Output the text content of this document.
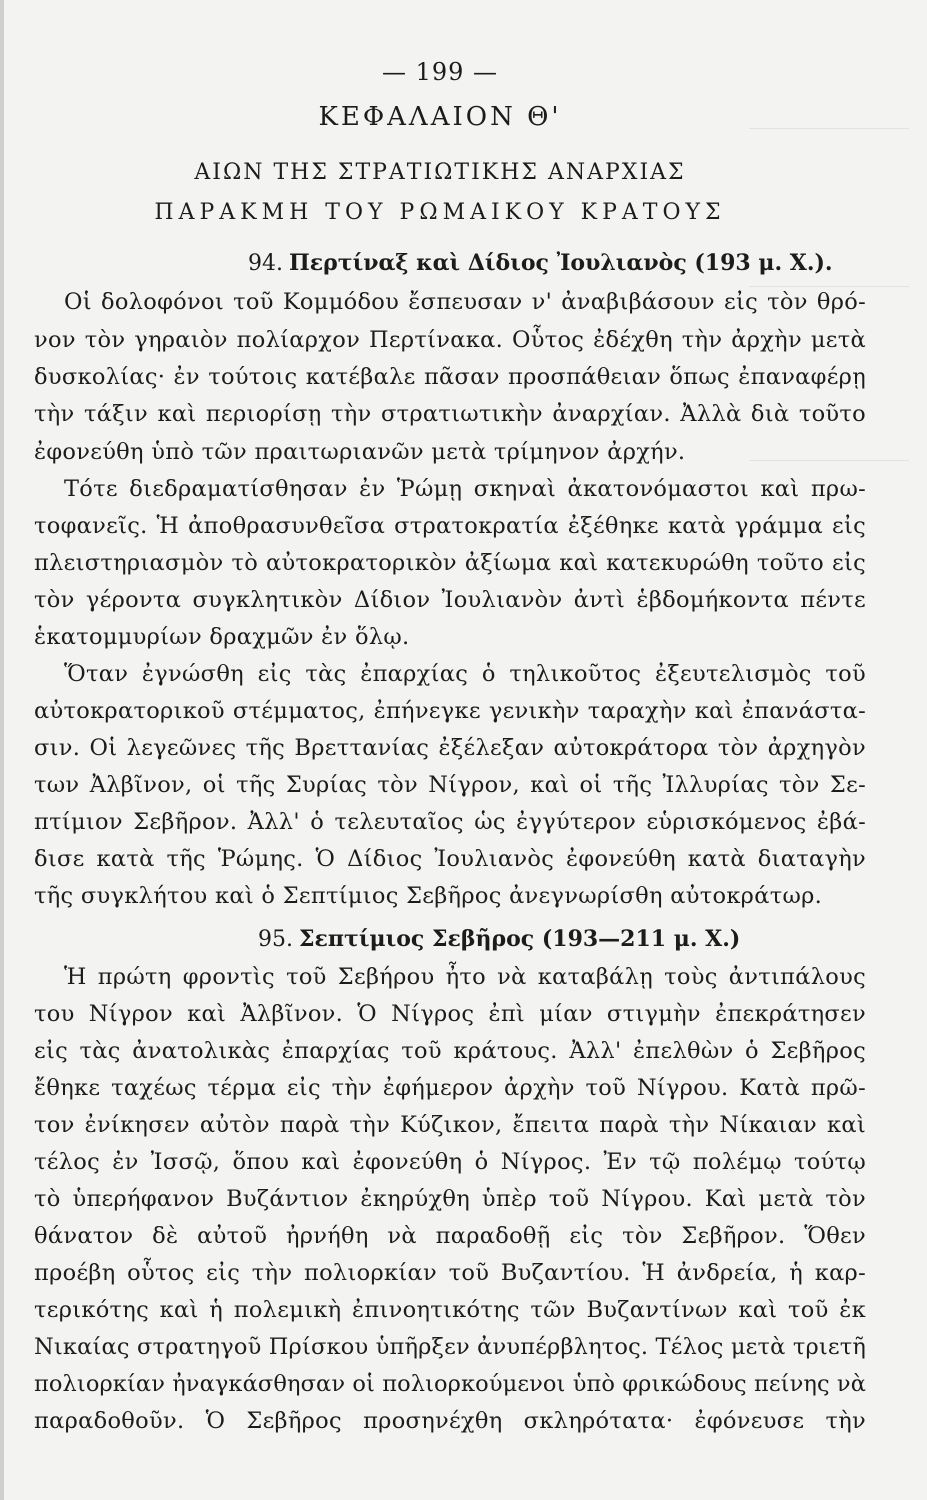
— 199 —
ΚΕΦΑΛΑΙΟΝ Θ'
ΑΙΩΝ ΤΗΣ ΣΤΡΑΤΙΩΤΙΚΗΣ ΑΝΑΡΧΙΑΣ
ΠΑΡΑΚΜΗ ΤΟΥ ΡΩΜΑΙΚΟΥ ΚΡΑΤΟΥΣ
94. Περτίναξ καὶ Δίδιος Ἰουλιανὸς (193 μ. Χ.).
Οἱ δολοφόνοι τοῦ Κομμόδου ἔσπευσαν ν' ἀναβιβάσουν εἰς τὸν θρό-
νον τὸν γηραιὸν πολίαρχον Περτίνακα. Οὗτος ἐδέχθη τὴν ἀρχὴν μετὰ
δυσκολίας· ἐν τούτοις κατέβαλε πᾶσαν προσπάθειαν ὅπως ἐπαναφέρῃ
τὴν τάξιν καὶ περιορίσῃ τὴν στρατιωτικὴν ἀναρχίαν. Ἀλλὰ διὰ τοῦτο
ἐφονεύθη ὑπὸ τῶν πραιτωριανῶν μετὰ τρίμηνον ἀρχήν.
Τότε διεδραματίσθησαν ἐν Ῥώμῃ σκηναὶ ἀκατονόμαστοι καὶ πρω-
τοφανεῖς. Ἡ ἀποθρασυνθεῖσα στρατοκρατία ἐξέθηκε κατὰ γράμμα εἰς
πλειστηριασμὸν τὸ αὐτοκρατορικὸν ἀξίωμα καὶ κατεκυρώθη τοῦτο εἰς
τὸν γέροντα συγκλητικὸν Δίδιον Ἰουλιανὸν ἀντὶ ἑβδομήκοντα πέντε
ἑκατομμυρίων δραχμῶν ἐν ὅλῳ.
Ὅταν ἐγνώσθη εἰς τὰς ἐπαρχίας ὁ τηλικοῦτος ἐξευτελισμὸς τοῦ
αὐτοκρατορικοῦ στέμματος, ἐπήνεγκε γενικὴν ταραχὴν καὶ ἐπανάστα-
σιν. Οἱ λεγεῶνες τῆς Βρεττανίας ἐξέλεξαν αὐτοκράτορα τὸν ἀρχηγὸν
των Ἀλβῖνον, οἱ τῆς Συρίας τὸν Νίγρον, καὶ οἱ τῆς Ἰλλυρίας τὸν Σε-
πτίμιον Σεβῆρον. Ἀλλ' ὁ τελευταῖος ὡς ἐγγύτερον εὑρισκόμενος ἐβά-
δισε κατὰ τῆς Ῥώμης. Ὁ Δίδιος Ἰουλιανὸς ἐφονεύθη κατὰ διαταγὴν
τῆς συγκλήτου καὶ ὁ Σεπτίμιος Σεβῆρος ἀνεγνωρίσθη αὐτοκράτωρ.
95. Σεπτίμιος Σεβῆρος (193—211 μ. Χ.)
Ἡ πρώτη φροντὶς τοῦ Σεβήρου ἦτο νὰ καταβάλῃ τοὺς ἀντιπάλους
του Νίγρον καὶ Ἀλβῖνον. Ὁ Νίγρος ἐπὶ μίαν στιγμὴν ἐπεκράτησεν
εἰς τὰς ἀνατολικὰς ἐπαρχίας τοῦ κράτους. Ἀλλ' ἐπελθὼν ὁ Σεβῆρος
ἔθηκε ταχέως τέρμα εἰς τὴν ἐφήμερον ἀρχὴν τοῦ Νίγρου. Κατὰ πρῶ-
τον ἐνίκησεν αὐτὸν παρὰ τὴν Κύζικον, ἔπειτα παρὰ τὴν Νίκαιαν καὶ
τέλος ἐν Ἰσσῷ, ὅπου καὶ ἐφονεύθη ὁ Νίγρος. Ἐν τῷ πολέμῳ τούτῳ
τὸ ὑπερήφανον Βυζάντιον ἐκηρύχθη ὑπὲρ τοῦ Νίγρου. Καὶ μετὰ τὸν
θάνατον δὲ αὐτοῦ ἠρνήθη νὰ παραδοθῇ εἰς τὸν Σεβῆρον. Ὅθεν
προέβη οὗτος εἰς τὴν πολιορκίαν τοῦ Βυζαντίου. Ἡ ἀνδρεία, ἡ καρ-
τερικότης καὶ ἡ πολεμικὴ ἐπινοητικότης τῶν Βυζαντίνων καὶ τοῦ ἐκ
Νικαίας στρατηγοῦ Πρίσκου ὑπῆρξεν ἀνυπέρβλητος. Τέλος μετὰ τριετῆ
πολιορκίαν ἠναγκάσθησαν οἱ πολιορκούμενοι ὑπὸ φρικώδους πείνης νὰ
παραδοθοῦν. Ὁ Σεβῆρος προσηνέχθη σκληρότατα· ἐφόνευσε τὴν
